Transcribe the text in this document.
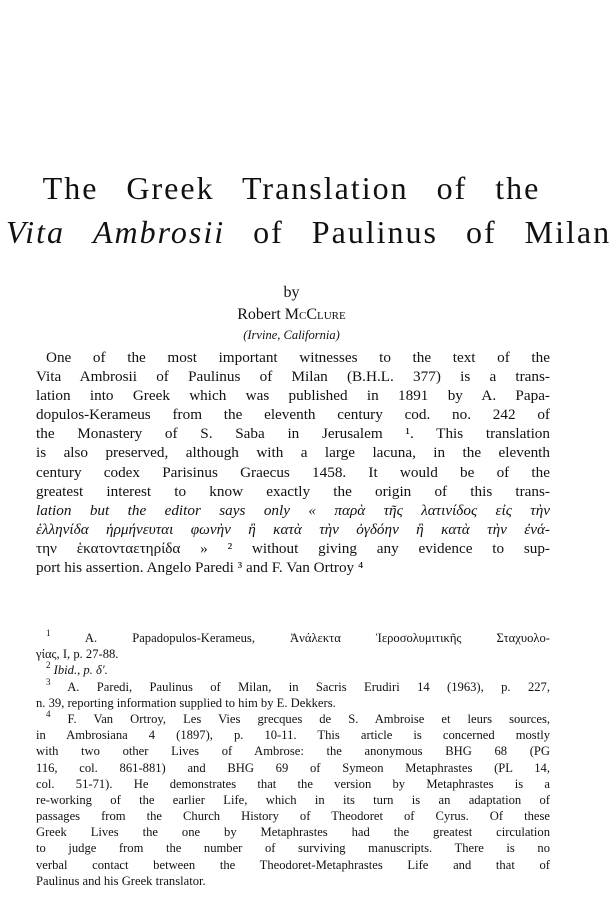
The Greek Translation of the
Vita Ambrosii of Paulinus of Milan
by
Robert McClure
(Irvine, California)
One of the most important witnesses to the text of the
Vita Ambrosii of Paulinus of Milan (B.H.L. 377) is a trans-
lation into Greek which was published in 1891 by A. Papa-
dopulos-Kerameus from the eleventh century cod. no. 242 of
the Monastery of S. Saba in Jerusalem ¹. This translation
is also preserved, although with a large lacuna, in the eleventh
century codex Parisinus Graecus 1458. It would be of the
greatest interest to know exactly the origin of this trans-
lation but the editor says only « παρὰ τῆς λατινίδος εἰς τὴν
ἑλληνίδα ἡρμήνευται φωνὴν ἢ κατὰ τὴν ὀγδόην ἢ κατὰ τὴν ἐνά-
την ἑκατονταετηρίδα » ² without giving any evidence to sup-
port his assertion. Angelo Paredi ³ and F. Van Ortroy ⁴
$^1$	A. Papadopulos-Kerameus, Ἀνάλεκτα Ἱεροσολυμιτικῆς Σταχυολο-
γίας, I, p. 27-88.
$^2$ Ibid., p. δ′.
$^3$ A. Paredi, Paulinus of Milan, in Sacris Erudiri 14 (1963), p. 227,
n. 39, reporting information supplied to him by E. Dekkers.
$^4$ F. Van Ortroy, Les Vies grecques de S. Ambroise et leurs sources,
in Ambrosiana 4 (1897), p. 10-11. This article is concerned mostly
with two other Lives of Ambrose: the anonymous BHG 68 (PG
116, col. 861-881) and BHG 69 of Symeon Metaphrastes (PL 14,
col. 51-71). He demonstrates that the version by Metaphrastes is a
re-working of the earlier Life, which in its turn is an adaptation of
passages from the Church History of Theodoret of Cyrus. Of these
Greek Lives the one by Metaphrastes had the greatest circulation
to judge from the number of surviving manuscripts. There is no
verbal contact between the Theodoret-Metaphrastes Life and that of
Paulinus and his Greek translator.
